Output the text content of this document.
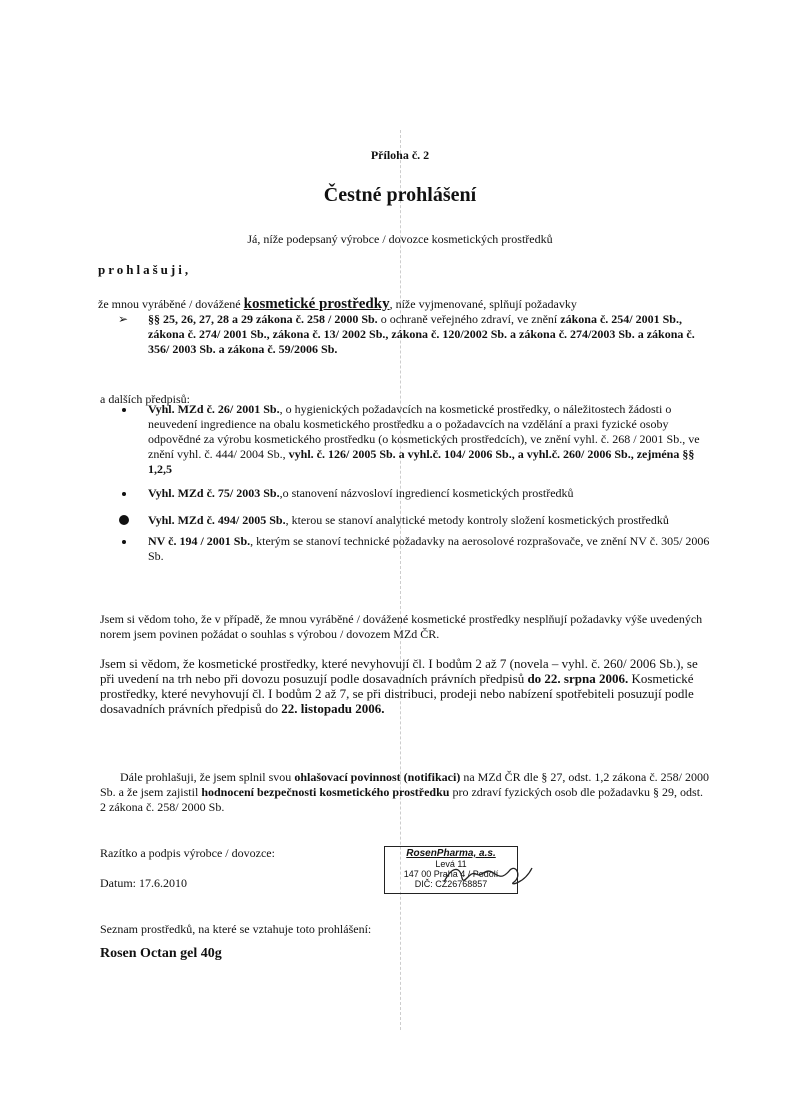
Příloha č. 2
Čestné prohlášení
Já, níže podepsaný výrobce / dovozce kosmetických prostředků
prohlašuji,
že mnou vyráběné / dovážené kosmetické prostředky, níže vyjmenované, splňují požadavky
➢ §§ 25, 26, 27, 28 a 29 zákona č. 258 / 2000 Sb. o ochraně veřejného zdraví, ve znění zákona č. 254/ 2001 Sb., zákona č. 274/ 2001 Sb., zákona č. 13/ 2002 Sb., zákona č. 120/2002 Sb. a zákona č. 274/2003 Sb. a zákona č. 356/ 2003 Sb. a zákona č. 59/2006 Sb.
a dalších předpisů:
Vyhl. MZd č. 26/ 2001 Sb., o hygienických požadavcích na kosmetické prostředky, o náležitostech žádosti o neuvedení ingredience na obalu kosmetického prostředku a o požadavcích na vzdělání a praxi fyzické osoby odpovědné za výrobu kosmetického prostředku (o kosmetických prostředcích), ve znění vyhl. č. 268 / 2001 Sb., ve znění vyhl. č. 444/ 2004 Sb., vyhl. č. 126/ 2005 Sb. a vyhl.č. 104/ 2006 Sb., a vyhl.č. 260/ 2006 Sb., zejména §§ 1,2,5
Vyhl. MZd č. 75/ 2003 Sb.,o stanovení názvosloví ingrediencí kosmetických prostředků
Vyhl. MZd č. 494/ 2005 Sb., kterou se stanoví analytické metody kontroly složení kosmetických prostředků
NV č. 194 / 2001 Sb., kterým se stanoví technické požadavky na aerosolové rozprašovače, ve znění NV č. 305/ 2006 Sb.
Jsem si vědom toho, že v případě, že mnou vyráběné / dovážené kosmetické prostředky nesplňují požadavky výše uvedených norem jsem povinen požádat o souhlas s výrobou / dovozem MZd ČR.
Jsem si vědom, že kosmetické prostředky, které nevyhovují čl. I bodům 2 až 7 (novela – vyhl. č. 260/ 2006 Sb.), se při uvedení na trh nebo při dovozu posuzují podle dosavadních právních předpisů do 22. srpna 2006. Kosmetické prostředky, které nevyhovují čl. I bodům 2 až 7, se při distribuci, prodeji nebo nabízení spotřebiteli posuzují podle dosavadních právních předpisů do 22. listopadu 2006.
Dále prohlašuji, že jsem splnil svou ohlašovací povinnost (notifikaci) na MZd ČR dle § 27, odst. 1,2 zákona č. 258/ 2000 Sb. a že jsem zajistil hodnocení bezpečnosti kosmetického prostředku pro zdraví fyzických osob dle požadavku § 29, odst. 2 zákona č. 258/ 2000 Sb.
Razítko a podpis výrobce / dovozce:
Datum: 17.6.2010
RosenPharma, a.s.
Levá 11
147 00 Praha 4 / Podolí
DIČ: CZ26768857
Seznam prostředků, na které se vztahuje toto prohlášení:
Rosen Octan gel 40g
